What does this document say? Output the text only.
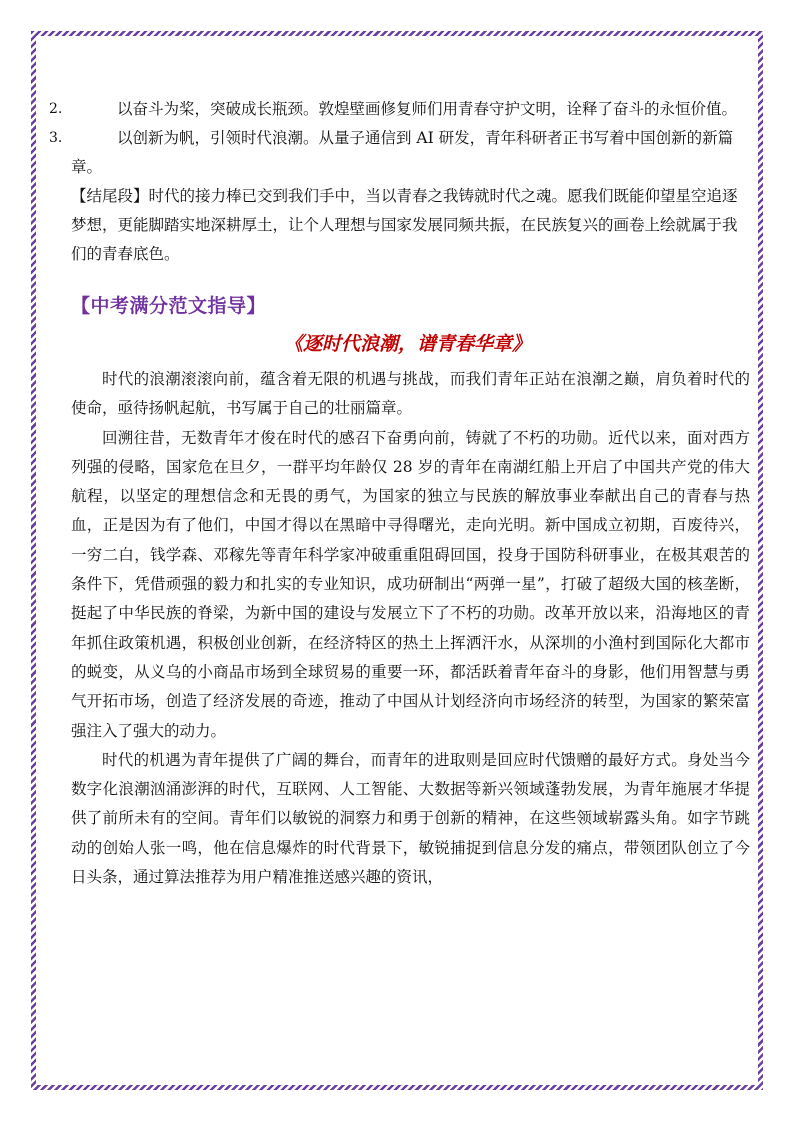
2.	以奋斗为桨，突破成长瓶颈。敦煌壁画修复师们用青春守护文明，诠释了奋斗的永恒价值。
3.	以创新为帆，引领时代浪潮。从量子通信到 AI 研发，青年科研者正书写着中国创新的新篇章。

【结尾段】时代的接力棒已交到我们手中，当以青春之我铸就时代之魂。愿我们既能仰望星空追逐梦想，更能脚踏实地深耕厚土，让个人理想与国家发展同频共振，在民族复兴的画卷上绘就属于我们的青春底色。

【中考满分范文指导】
《逐时代浪潮，谱青春华章》

时代的浪潮滚滚向前，蕴含着无限的机遇与挑战，而我们青年正站在浪潮之巅，肩负着时代的使命，亟待扬帆起航，书写属于自己的壮丽篇章。

回溯往昔，无数青年才俊在时代的感召下奋勇向前，铸就了不朽的功勋。近代以来，面对西方列强的侵略，国家危在旦夕，一群平均年龄仅 28 岁的青年在南湖红船上开启了中国共产党的伟大航程，以坚定的理想信念和无畏的勇气，为国家的独立与民族的解放事业奉献出自己的青春与热血，正是因为有了他们，中国才得以在黑暗中寻得曙光，走向光明。新中国成立初期，百废待兴，一穷二白，钱学森、邓稼先等青年科学家冲破重重阻碍回国，投身于国防科研事业，在极其艰苦的条件下，凭借顽强的毅力和扎实的专业知识，成功研制出“两弹一星”，打破了超级大国的核垄断，挺起了中华民族的脊梁，为新中国的建设与发展立下了不朽的功勋。改革开放以来，沿海地区的青年抓住政策机遇，积极创业创新，在经济特区的热土上挥洒汗水，从深圳的小渔村到国际化大都市的蜕变，从义乌的小商品市场到全球贸易的重要一环，都活跃着青年奋斗的身影，他们用智慧与勇气开拓市场，创造了经济发展的奇迹，推动了中国从计划经济向市场经济的转型，为国家的繁荣富强注入了强大的动力。

时代的机遇为青年提供了广阔的舞台，而青年的进取则是回应时代馈赠的最好方式。身处当今数字化浪潮汹涌澎湃的时代，互联网、人工智能、大数据等新兴领域蓬勃发展，为青年施展才华提供了前所未有的空间。青年们以敏锐的洞察力和勇于创新的精神，在这些领域崭露头角。如字节跳动的创始人张一鸣，他在信息爆炸的时代背景下，敏锐捕捉到信息分发的痛点，带领团队创立了今日头条，通过算法推荐为用户精准推送感兴趣的资讯，
